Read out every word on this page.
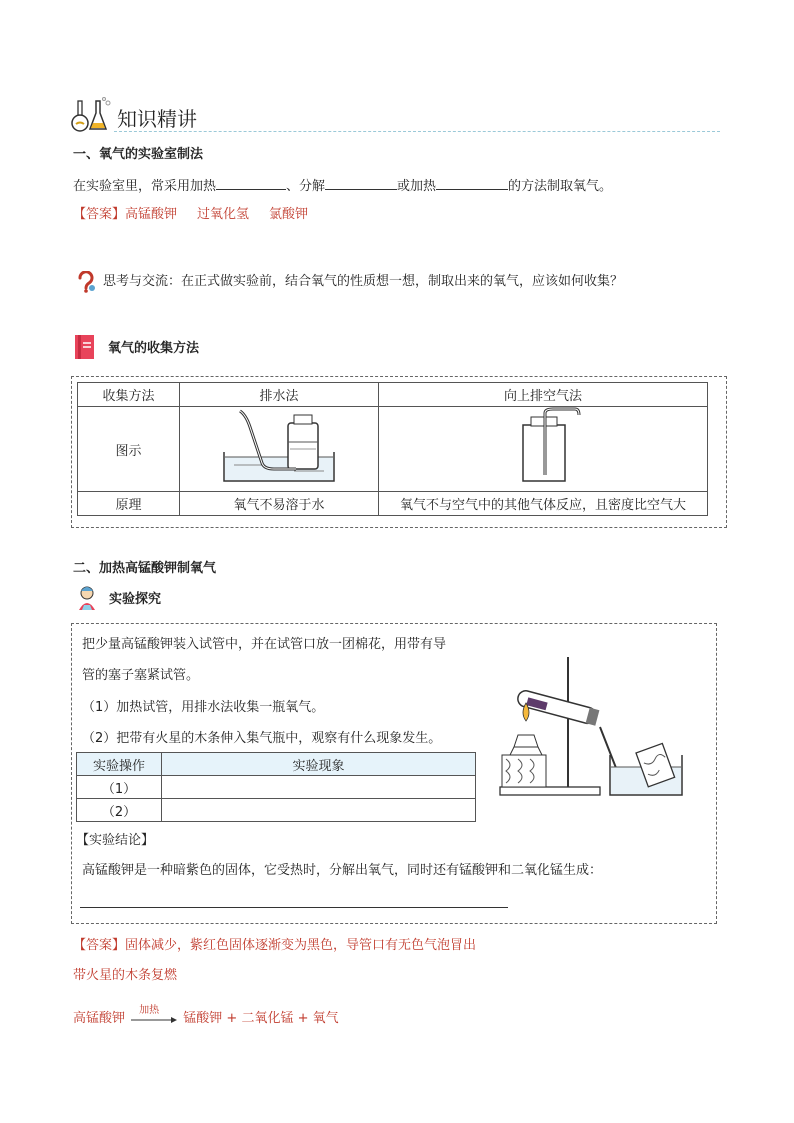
知识精讲
一、氧气的实验室制法
在实验室里，常采用加热	、分解	或加热	的方法制取氧气。
【答案】高锰酸钾 过氧化氢 氯酸钾
思考与交流：在正式做实验前，结合氧气的性质想一想，制取出来的氧气，应该如何收集？
氧气的收集方法
收集方法	排水法	向上排空气法
图示		
原理	氧气不易溶于水	氧气不与空气中的其他气体反应，且密度比空气大
二、加热高锰酸钾制氧气
实验探究
把少量高锰酸钾装入试管中，并在试管口放一团棉花，用带有导
管的塞子塞紧试管。
（1）加热试管，用排水法收集一瓶氧气。
（2）把带有火星的木条伸入集气瓶中，观察有什么现象发生。
实验操作	实验现象
（1）	
（2）	
【实验结论】
高锰酸钾是一种暗紫色的固体，它受热时，分解出氧气，同时还有锰酸钾和二氧化锰生成：
【答案】固体减少，紫红色固体逐渐变为黑色，导管口有无色气泡冒出
带火星的木条复燃
高锰酸钾
加热
锰酸钾 + 二氧化锰 + 氧气
